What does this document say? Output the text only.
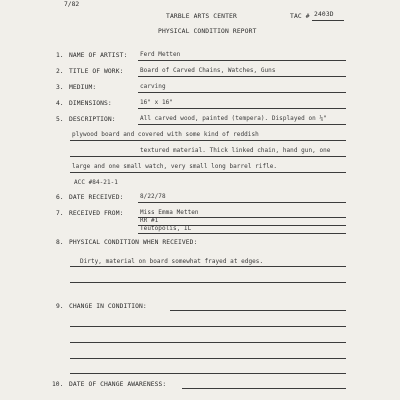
7/82
TARBLE ARTS CENTER	TAC # 2403D
PHYSICAL CONDITION REPORT
1. NAME OF ARTIST: Ferd Metten
2. TITLE OF WORK:	Board of Carved Chains, Watches, Guns
3. MEDIUM:	carving
4. DIMENSIONS:	16" x 16"
5. DESCRIPTION:	All carved wood, painted (tempera). Displayed on ¼"
plywood board and covered with some kind of reddish
textured material. Thick linked chain, hand gun, one
large and one small watch, very small long barrel rifle.
ACC #84-21-1
6. DATE RECEIVED:	8/22/78
7. RECEIVED FROM:	Miss Emma Metten
RR #1
Teutopolis, IL
8. PHYSICAL CONDITION WHEN RECEIVED:
Dirty, material on board somewhat frayed at edges.
9. CHANGE IN CONDITION:
10. DATE OF CHANGE AWARENESS:
